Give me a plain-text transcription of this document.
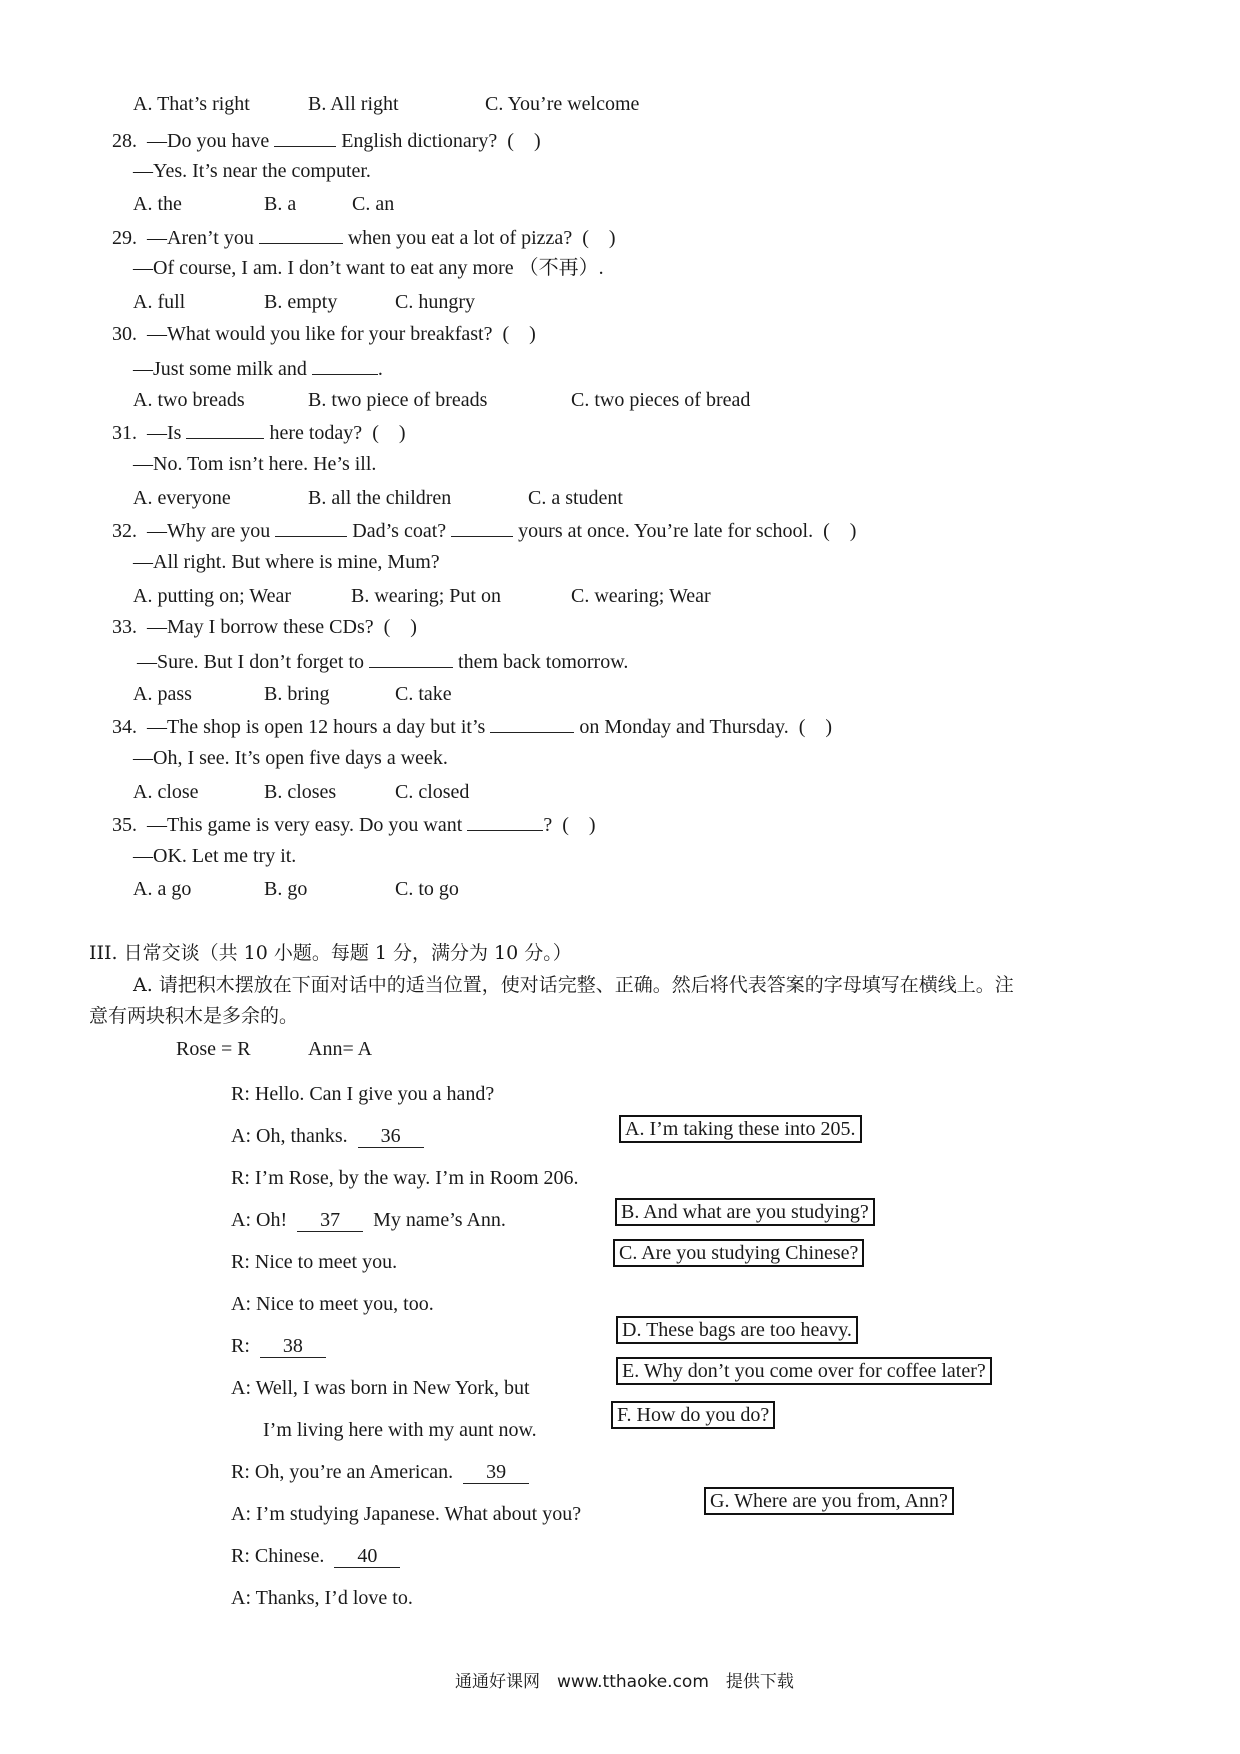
A. That’s right	B. All right	C. You’re welcome
28. —Do you have	English dictionary? (　)
—Yes. It’s near the computer.
A. the	B. a	C. an
29. —Aren’t you	when you eat a lot of pizza? (　)
—Of course, I am. I don’t want to eat any more （不再）.
A. full	B. empty	C. hungry
30. —What would you like for your breakfast? (　)
—Just some milk and	.
A. two breads	B. two piece of breads	C. two pieces of bread
31. —Is	here today? (　)
—No. Tom isn’t here. He’s ill.
A. everyone	B. all the children	C. a student
32. —Why are you	Dad’s coat?	yours at once. You’re late for school. (　)
—All right. But where is mine, Mum?
A. putting on; Wear	B. wearing; Put on	C. wearing; Wear
33. —May I borrow these CDs? (　)
—Sure. But I don’t forget to	them back tomorrow.
A. pass	B. bring	C. take
34. —The shop is open 12 hours a day but it’s	on Monday and Thursday. (　)
—Oh, I see. It’s open five days a week.
A. close	B. closes	C. closed
35. —This game is very easy. Do you want	? (　)
—OK. Let me try it.
A. a go	B. go	C. to go
III. 日常交谈（共 10 小题。每题 1 分，满分为 10 分。）
A. 请把积木摆放在下面对话中的适当位置，使对话完整、正确。然后将代表答案的字母填写在横线上。注
意有两块积木是多余的。
Rose = R	Ann= A
R: Hello. Can I give you a hand?
A: Oh, thanks. 36
R: I’m Rose, by the way. I’m in Room 206.
A: Oh! 37 My name’s Ann.
R: Nice to meet you.
A: Nice to meet you, too.
R: 38
A: Well, I was born in New York, but
I’m living here with my aunt now.
R: Oh, you’re an American. 39
A: I’m studying Japanese. What about you?
R: Chinese. 40
A: Thanks, I’d love to.
A. I’m taking these into 205.
B. And what are you studying?
C. Are you studying Chinese?
D. These bags are too heavy.
E. Why don’t you come over for coffee later?
F. How do you do?
G. Where are you from, Ann?
通通好课网　www.tthaoke.com　提供下载
